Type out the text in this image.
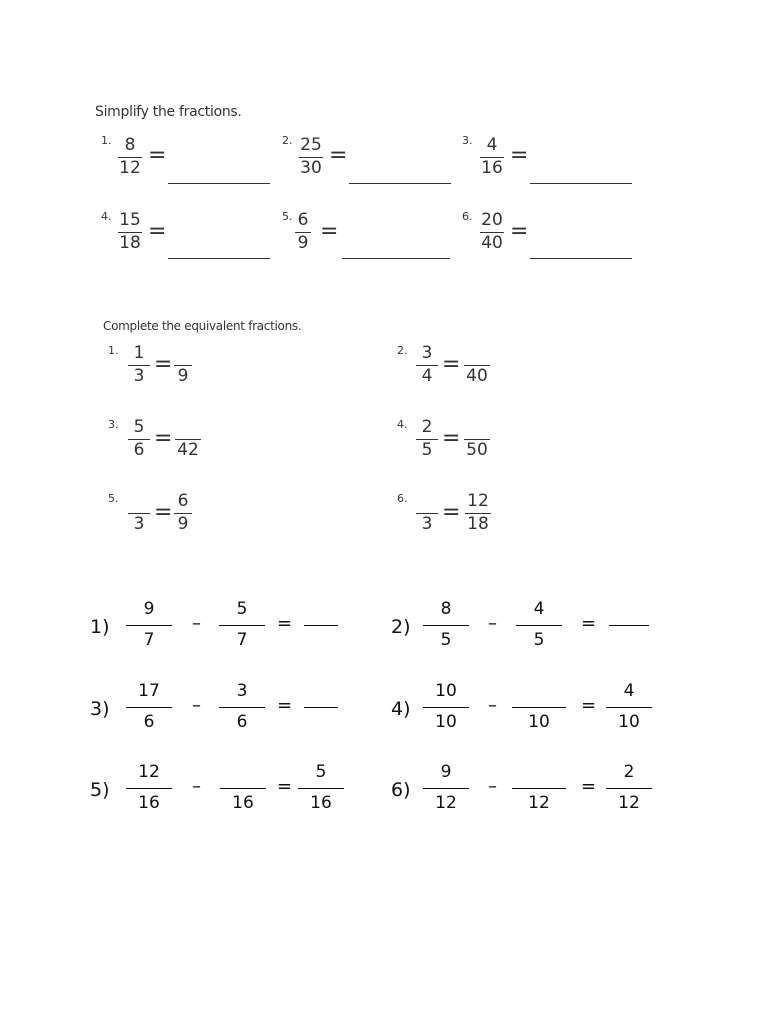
Simplify the fractions.
1. 8
12 =
2. 25
30 =
3. 4
16 =
4. 15
18 =
5. 6
9 =
6. 20
40 =
Complete the equivalent fractions.
1. 1
3 = 9
2. 3
4 = 40
3. 5
6 = 42
4. 2
5 = 50
5.
3 = 6
9
6.
3 = 12
18
1)
9
7
–
5
7
=	2)
8
5
–
4
5
=
3)
17
6
–
3
6
=	4)
10
10
–
10
=
4
10
5)
12
16
–
16
=
5
16
6)
9
12
–
12
=
2
12
